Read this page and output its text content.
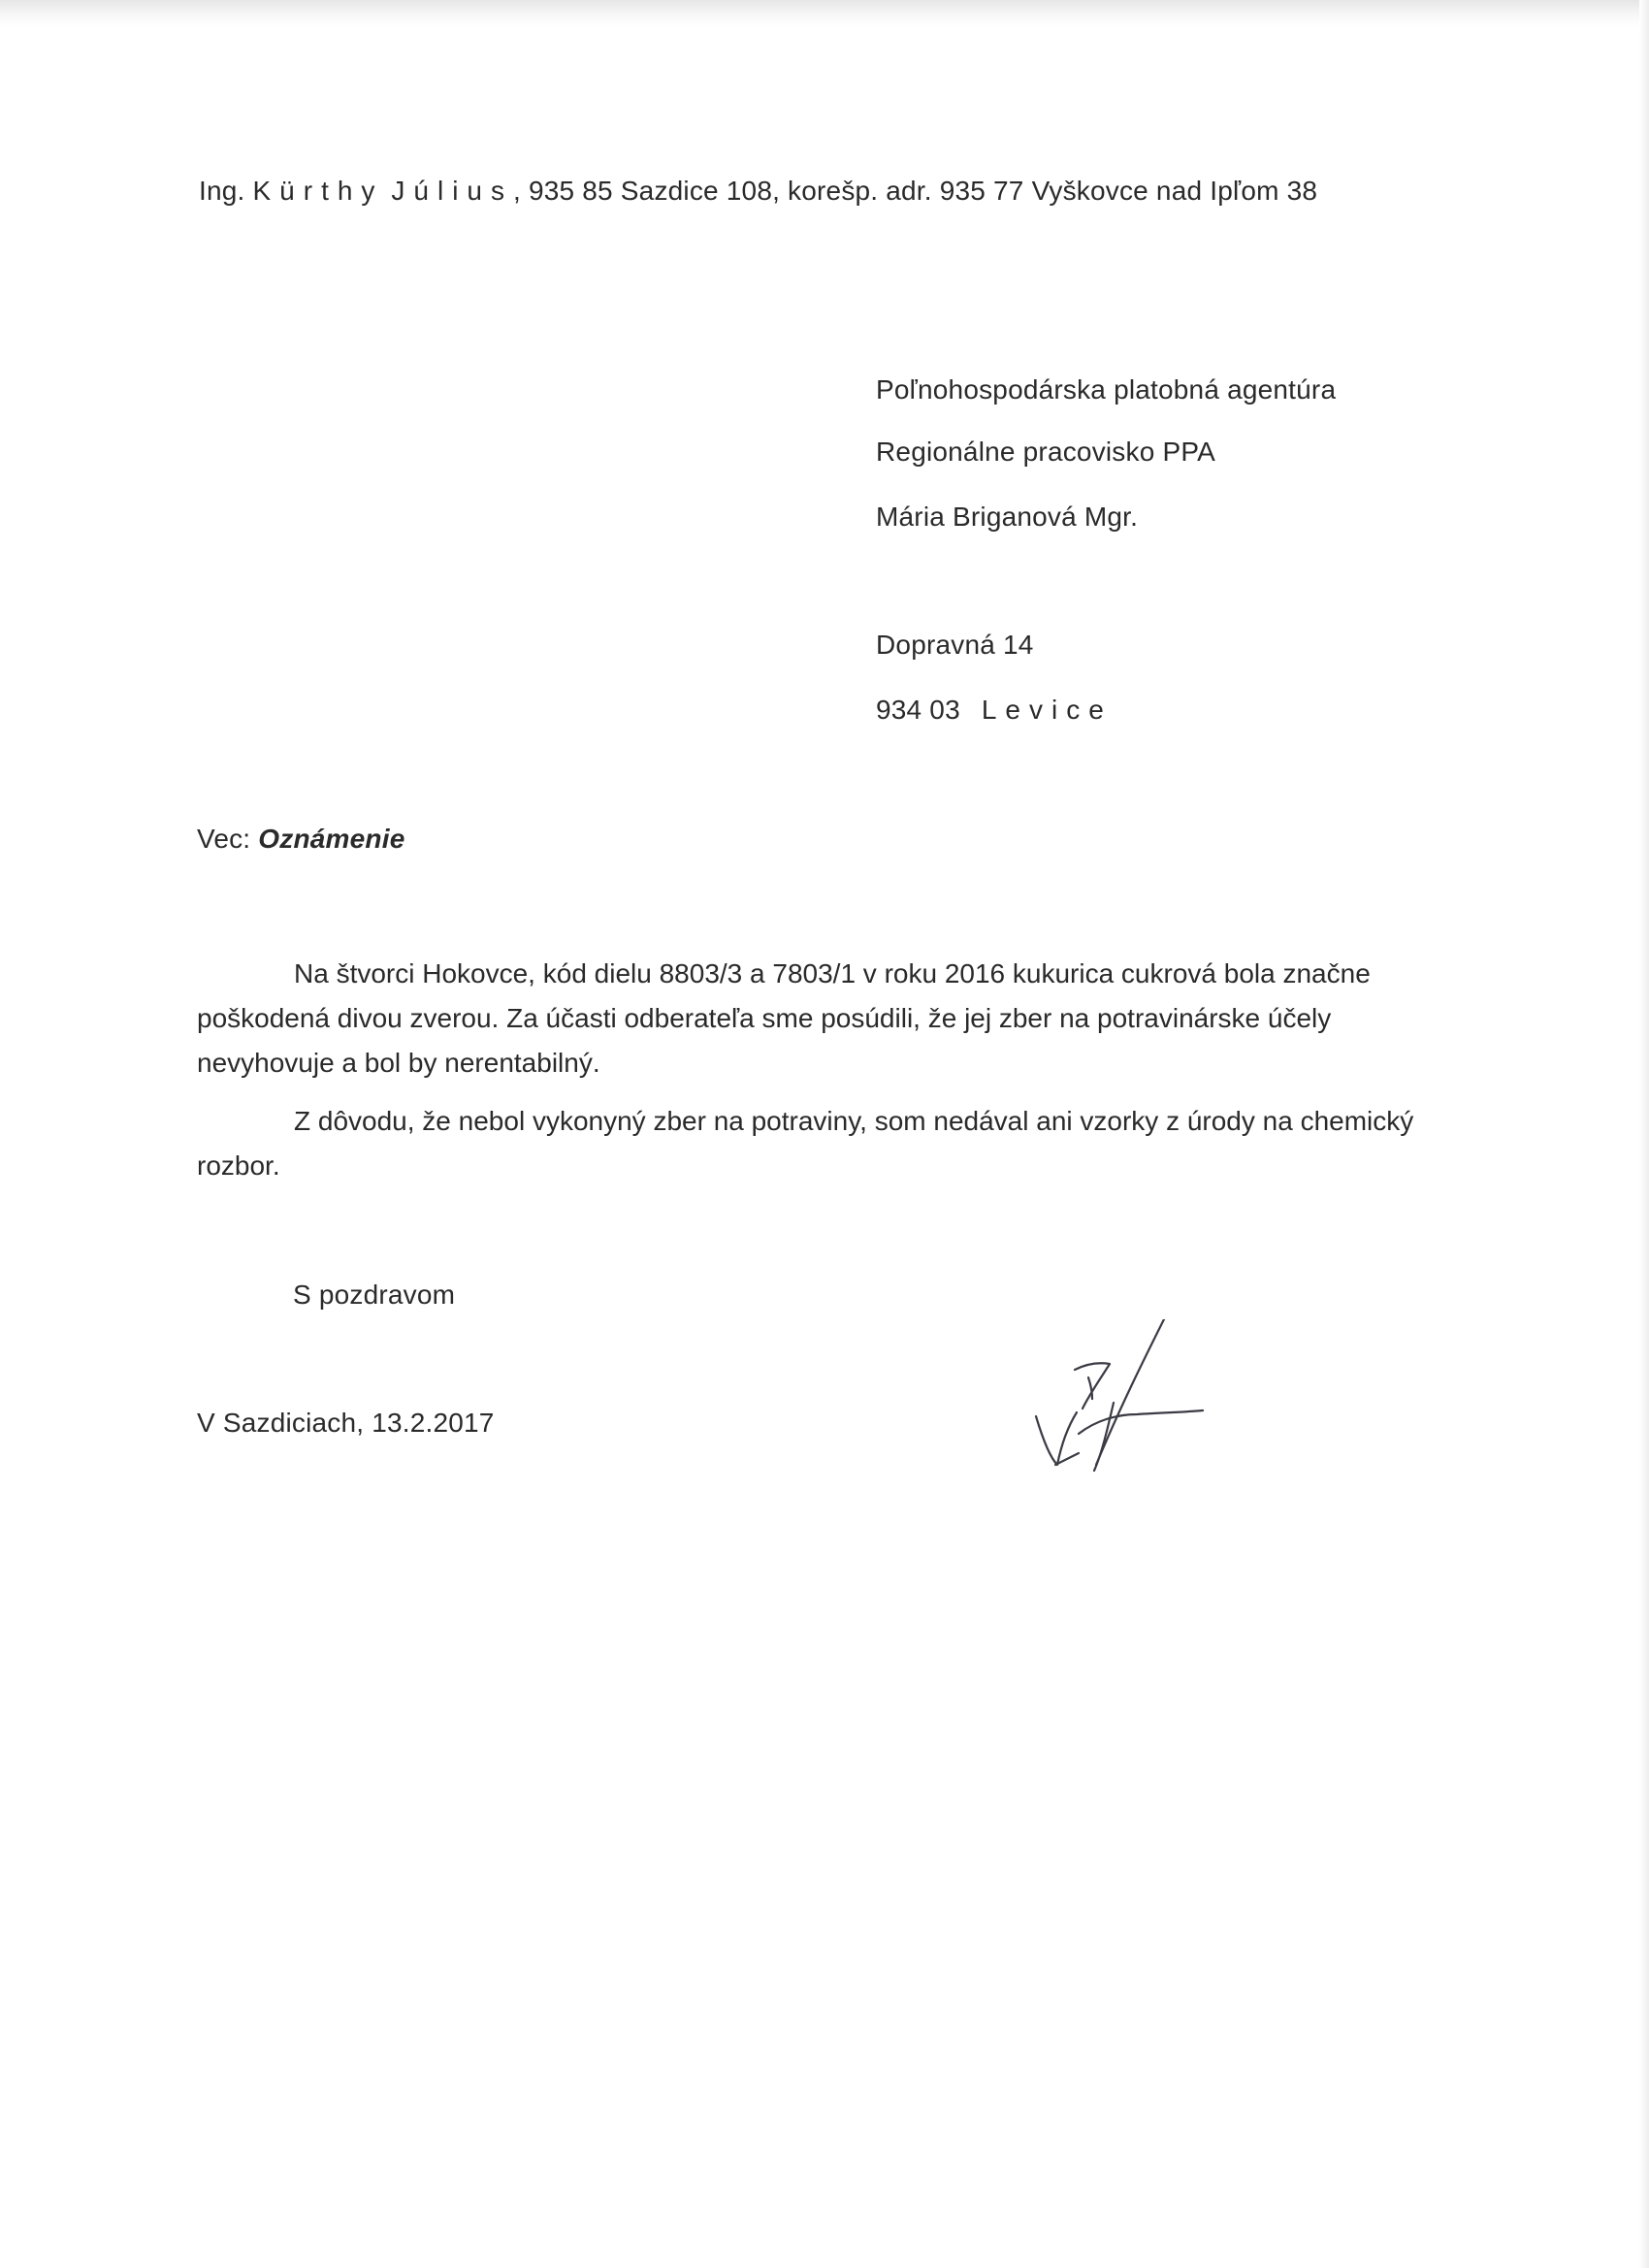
Ing. Kürthy Július, 935 85 Sazdice 108, korešp. adr. 935 77 Vyškovce nad Ipľom 38
Poľnohospodárska platobná agentúra
Regionálne pracovisko PPA
Mária Briganová Mgr.
Dopravná 14
934 03 Levice
Vec: Oznámenie

Na štvorci Hokovce, kód dielu 8803/3 a 7803/1 v roku 2016 kukurica cukrová bola značne poškodená divou zverou. Za účasti odberateľa sme posúdili, že jej zber na potravinárske účely nevyhovuje a bol by nerentabilný.

Z dôvodu, že nebol vykonyný zber na potraviny, som nedával ani vzorky z úrody na chemický rozbor.

S pozdravom
V Sazdiciach, 13.2.2017
